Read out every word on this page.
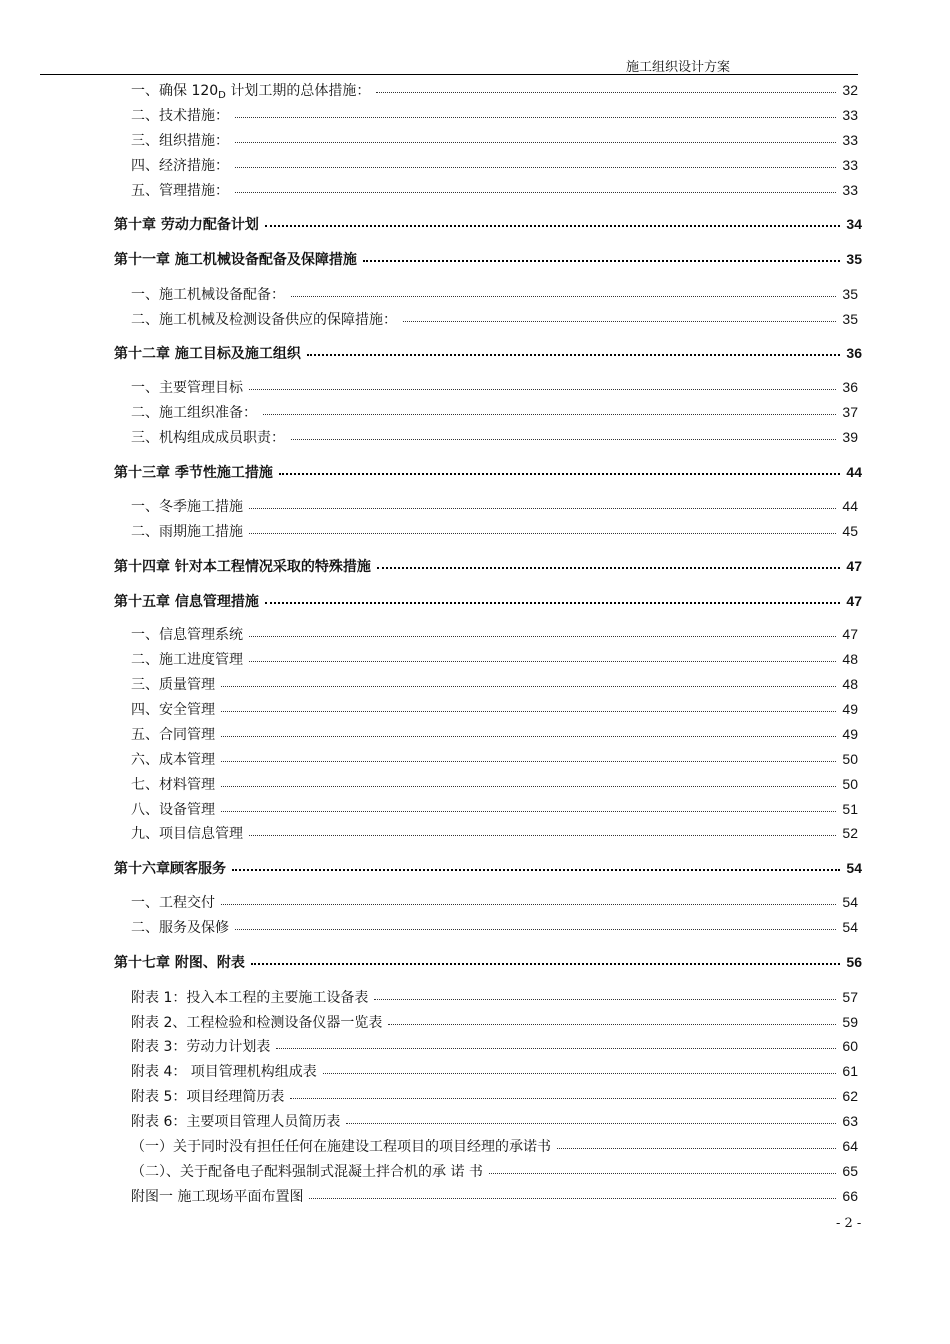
施工组织设计方案
一、确保 $120_D$ 计划工期的总体措施：	32
二、技术措施：	33
三、组织措施：	33
四、经济措施：	33
五、管理措施：	33
第十章 劳动力配备计划	34
第十一章 施工机械设备配备及保障措施	35
一、施工机械设备配备：	35
二、施工机械及检测设备供应的保障措施：	35
第十二章 施工目标及施工组织	36
一、主要管理目标	36
二、施工组织准备：	37
三、机构组成成员职责：	39
第十三章 季节性施工措施	44
一、冬季施工措施	44
二、雨期施工措施	45
第十四章 针对本工程情况采取的特殊措施	47
第十五章 信息管理措施	47
一、信息管理系统	47
二、施工进度管理	48
三、质量管理	48
四、安全管理	49
五、合同管理	49
六、成本管理	50
七、材料管理	50
八、设备管理	51
九、项目信息管理	52
第十六章顾客服务	54
一、工程交付	54
二、服务及保修	54
第十七章 附图、附表	56
附表 1：投入本工程的主要施工设备表	57
附表 2、工程检验和检测设备仪器一览表	59
附表 3：劳动力计划表	60
附表 4： 项目管理机构组成表	61
附表 5：项目经理简历表	62
附表 6：主要项目管理人员简历表	63
（一）关于同时没有担任任何在施建设工程项目的项目经理的承诺书	64
（二）、关于配备电子配料强制式混凝土拌合机的承 诺 书	65
附图一 施工现场平面布置图	66
- 2 -
